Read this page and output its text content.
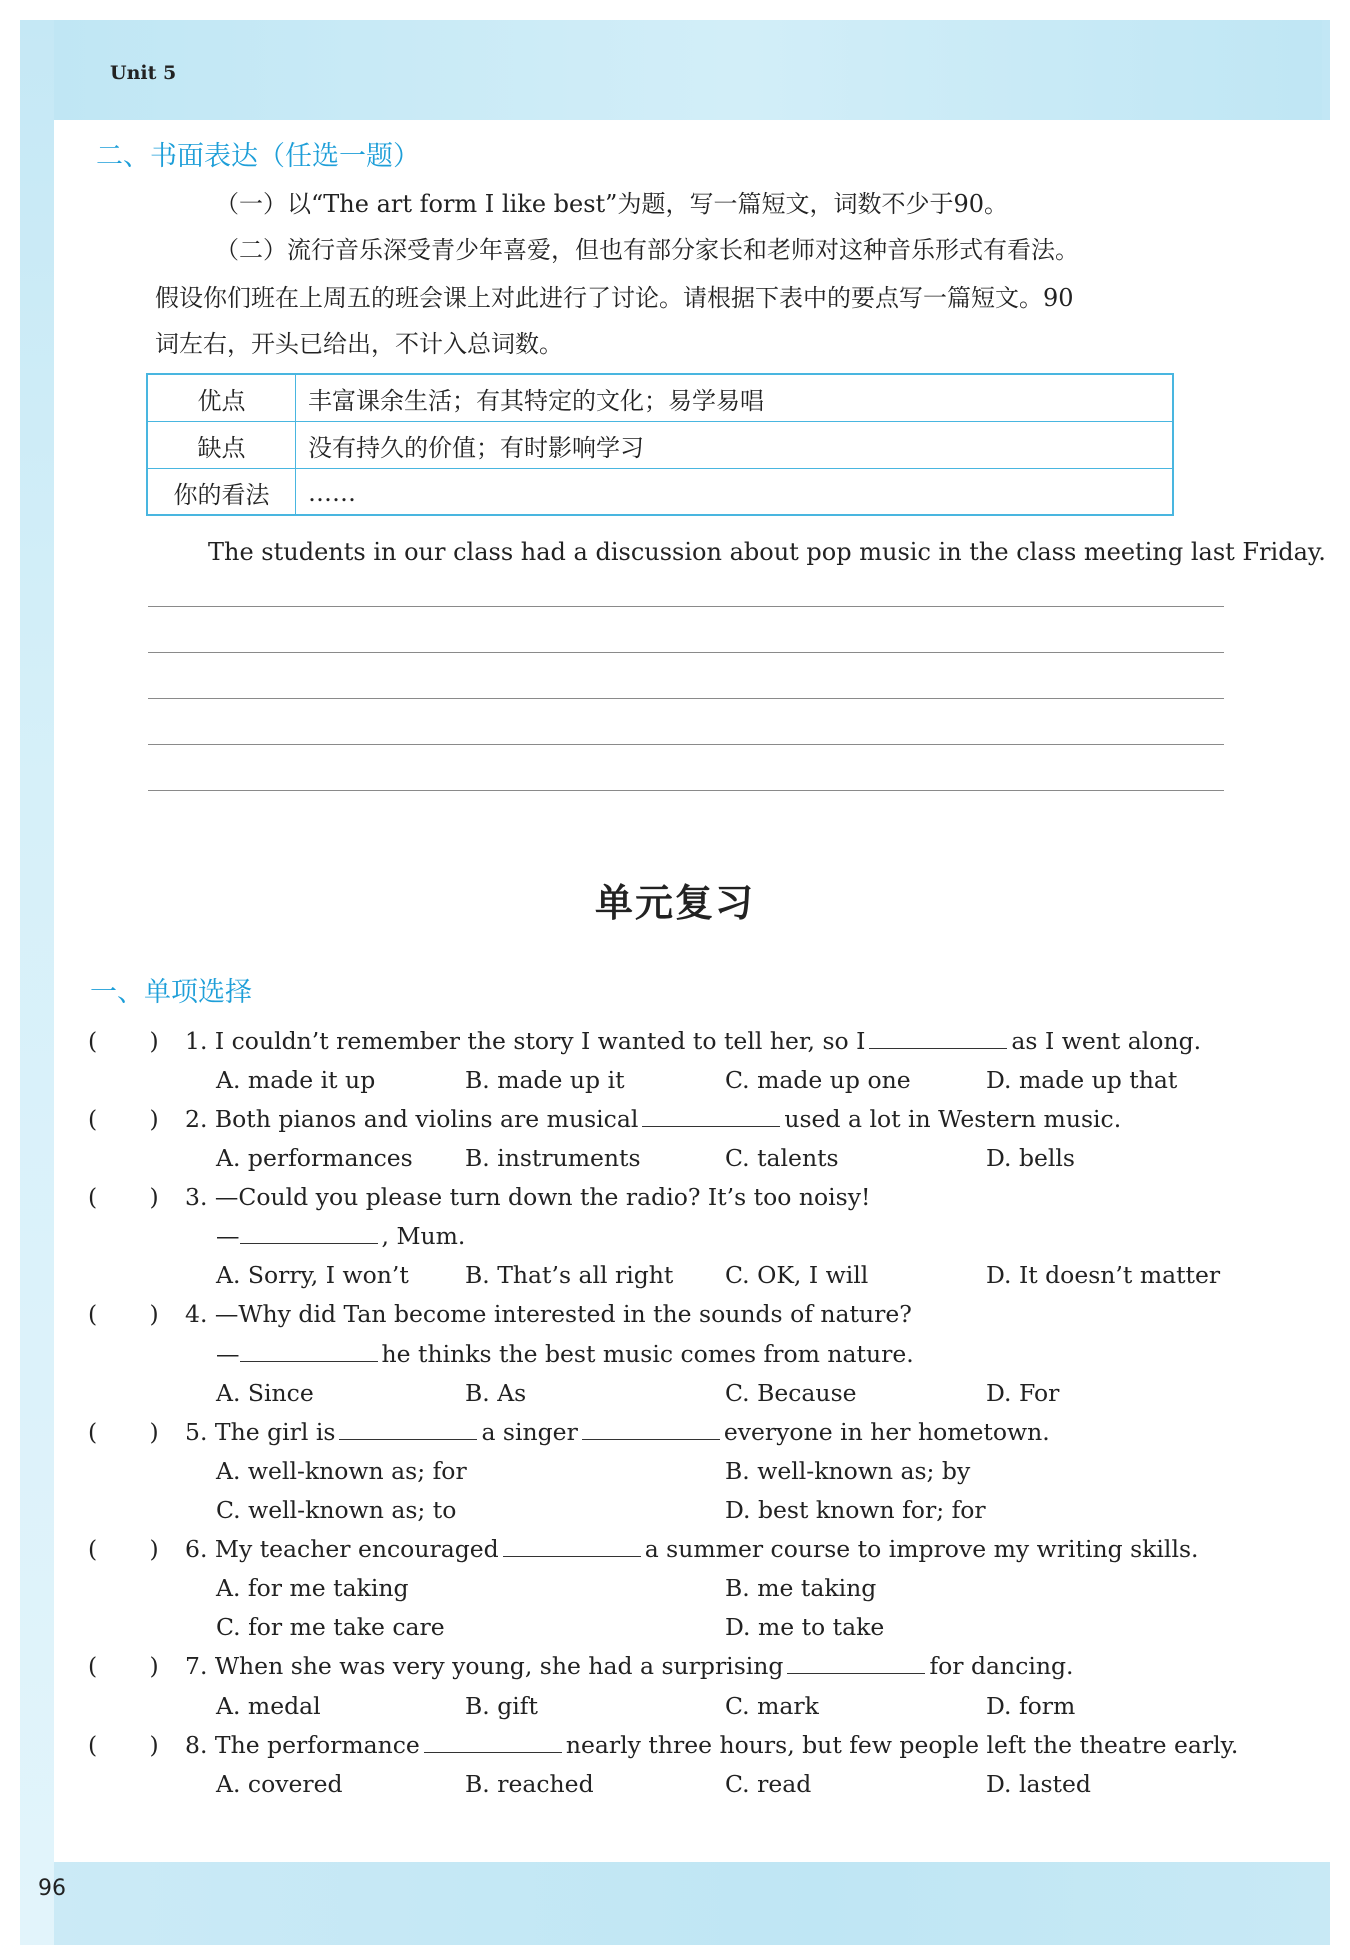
Unit 5
二、书面表达（任选一题）
（一）以“The art form I like best”为题，写一篇短文，词数不少于90。
（二）流行音乐深受青少年喜爱，但也有部分家长和老师对这种音乐形式有看法。
假设你们班在上周五的班会课上对此进行了讨论。请根据下表中的要点写一篇短文。90
词左右，开头已给出，不计入总词数。
优点	丰富课余生活；有其特定的文化；易学易唱
缺点	没有持久的价值；有时影响学习
你的看法	……
The students in our class had a discussion about pop music in the class meeting last Friday.
单元复习
一、单项选择
(       ) 1. I couldn’t remember the story I wanted to tell her, so I	as I went along.
A. made it up	B. made up it	C. made up one	D. made up that
(       ) 2. Both pianos and violins are musical	used a lot in Western music.
A. performances B. instruments	C. talents	D. bells
(       ) 3. —Could you please turn down the radio? It’s too noisy!
—	, Mum.
A. Sorry, I won’t B. That’s all right C. OK, I will	D. It doesn’t matter
(       ) 4. —Why did Tan become interested in the sounds of nature?
—	he thinks the best music comes from nature.
A. Since	B. As	C. Because	D. For
(       ) 5. The girl is	a singer	everyone in her hometown.
A. well-known as; for	B. well-known as; by
C. well-known as; to	D. best known for; for
(       ) 6. My teacher encouraged	a summer course to improve my writing skills.
A. for me taking	B. me taking
C. for me take care	D. me to take
(       ) 7. When she was very young, she had a surprising	for dancing.
A. medal	B. gift	C. mark	D. form
(       ) 8. The performance	nearly three hours, but few people left the theatre early.
A. covered	B. reached	C. read	D. lasted
96
